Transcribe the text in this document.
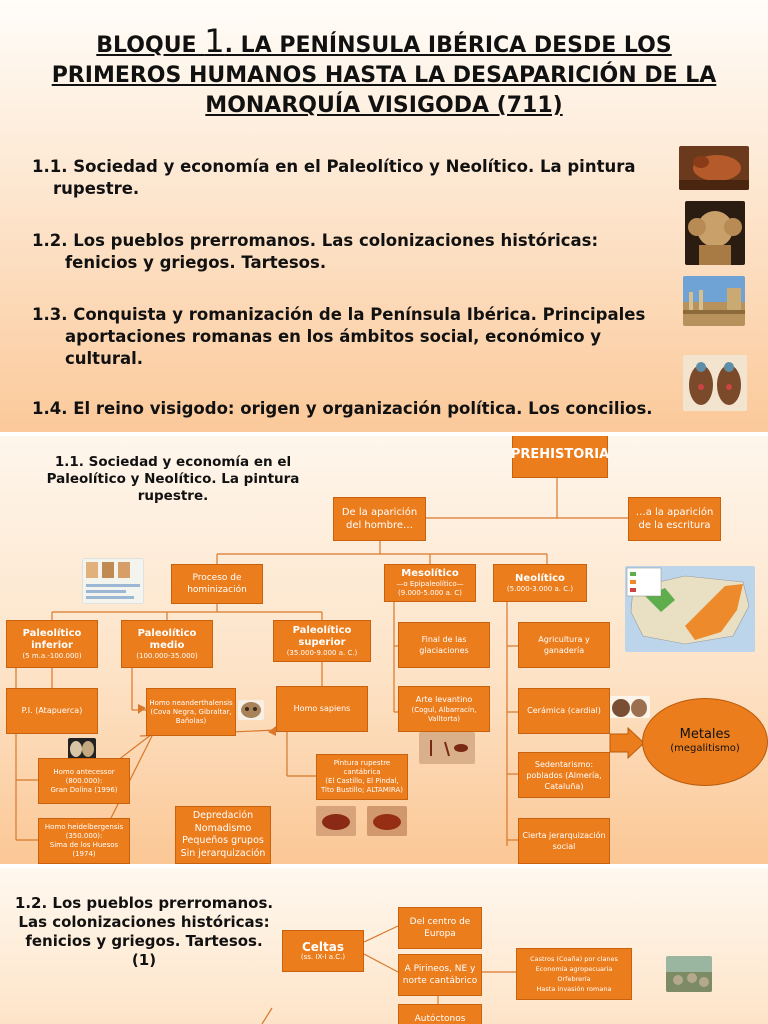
BLOQUE 1. LA PENÍNSULA IBÉRICA DESDE LOS
PRIMEROS HUMANOS HASTA LA DESAPARICIÓN DE LA
MONARQUÍA VISIGODA (711)
1.1. Sociedad y economía en el Paleolítico y Neolítico. La pintura
rupestre.
1.2. Los pueblos prerromanos. Las colonizaciones históricas:
fenicios y griegos. Tartesos.
1.3. Conquista y romanización de la Península Ibérica. Principales
aportaciones romanas en los ámbitos social, económico y
cultural.
1.4. El reino visigodo: origen y organización política. Los concilios.
1.1. Sociedad y economía en el Paleolítico y Neolítico. La pintura rupestre.
PREHISTORIA
De la aparición del hombre…
…a la aparición de la escritura
Proceso de hominización
Mesolítico
—o Epipaleolítico—
(9.000-5.000 a. C)
Neolítico
(5.000-3.000 a. C.)
Paleolítico inferior
(5 m.a.-100.000)
Paleolítico medio
(100.000-35.000)
Paleolítico superior
(35.000-9.000 a. C.)
Final de las glaciaciones
Agricultura y ganadería
P.I. (Atapuerca)
Homo neanderthalensis
(Cova Negra, Gibraltar, Bañolas)
Homo sapiens
Arte levantino
(Cogul, Albarracín, Valltorta)
Cerámica (cardial)
Homo antecessor (800.000):
Gran Dolina (1996)
Pintura rupestre cantábrica
(El Castillo, El Pindal, Tito Bustillo; ALTAMIRA)
Sedentarismo: poblados (Almería, Cataluña)
Metales
(megalitismo)
Depredación
Nomadismo
Pequeños grupos
Sin jerarquización
Homo heidelbergensis (350.000):
Sima de los Huesos (1974)
Cierta jerarquización social
1.2. Los pueblos prerromanos. Las colonizaciones históricas: fenicios y griegos. Tartesos. (1)
Celtas
(ss. IX-I a.C.)
Del centro de Europa
A Pirineos, NE y norte cantábrico
Autóctonos
Castros (Coaña) por clanes
Economía agropecuaria
Orfebrería
Hasta invasión romana
